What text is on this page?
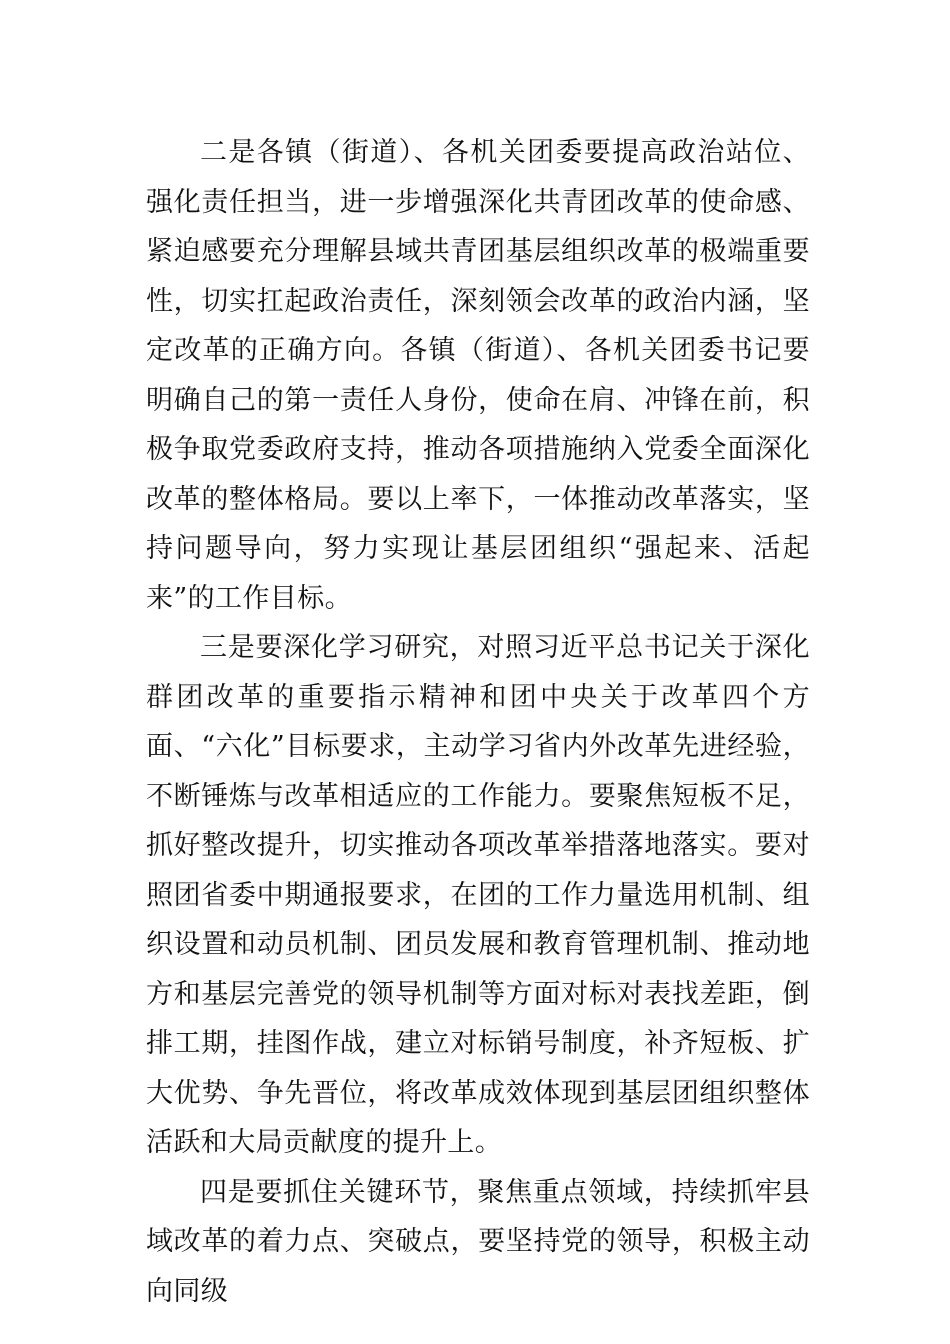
二是各镇（街道）、各机关团委要提高政治站位、强化责任担当，进一步增强深化共青团改革的使命感、紧迫感要充分理解县域共青团基层组织改革的极端重要性，切实扛起政治责任，深刻领会改革的政治内涵，坚定改革的正确方向。各镇（街道）、各机关团委书记要明确自己的第一责任人身份，使命在肩、冲锋在前，积极争取党委政府支持，推动各项措施纳入党委全面深化改革的整体格局。要以上率下，一体推动改革落实，坚持问题导向，努力实现让基层团组织“强起来、活起来”的工作目标。

三是要深化学习研究，对照习近平总书记关于深化群团改革的重要指示精神和团中央关于改革四个方面、“六化”目标要求，主动学习省内外改革先进经验，不断锤炼与改革相适应的工作能力。要聚焦短板不足，抓好整改提升，切实推动各项改革举措落地落实。要对照团省委中期通报要求，在团的工作力量选用机制、组织设置和动员机制、团员发展和教育管理机制、推动地方和基层完善党的领导机制等方面对标对表找差距，倒排工期，挂图作战，建立对标销号制度，补齐短板、扩大优势、争先晋位，将改革成效体现到基层团组织整体活跃和大局贡献度的提升上。

四是要抓住关键环节，聚焦重点领域，持续抓牢县域改革的着力点、突破点，要坚持党的领导，积极主动向同级
